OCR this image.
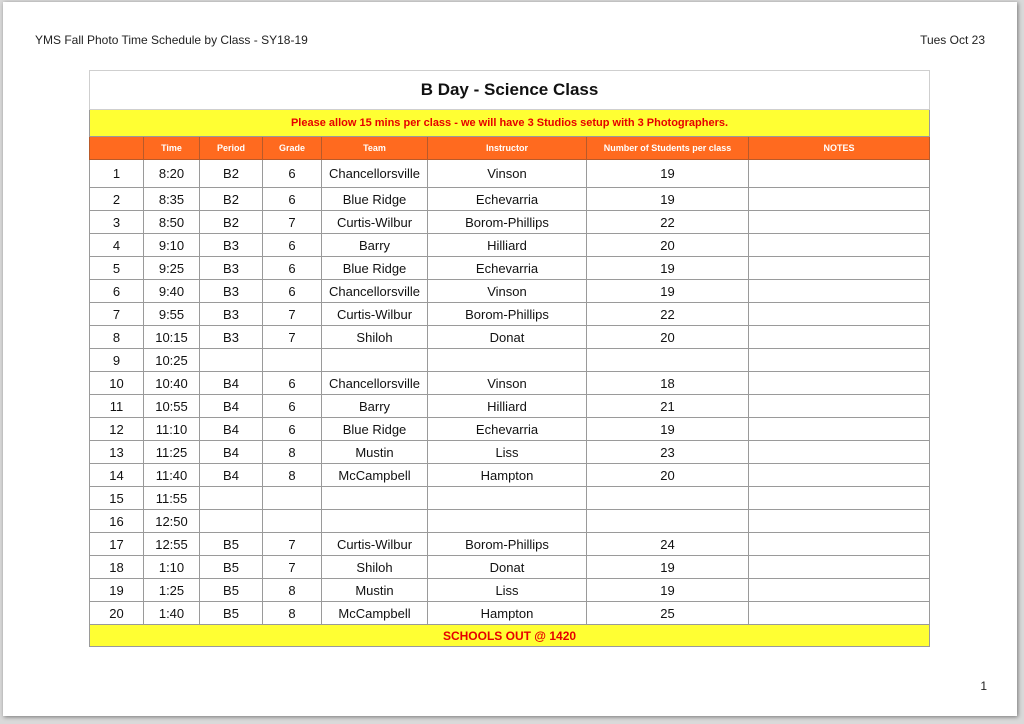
YMS Fall Photo Time Schedule by Class - SY18-19	Tues Oct 23
B Day - Science Class							
Please allow 15 mins per class - we will have 3 Studios setup with 3 Photographers.							
	Time	Period	Grade	Team	Instructor	Number of Students per class	NOTES
1	8:20	B2	6	Chancellorsville	Vinson	19	
2	8:35	B2	6	Blue Ridge	Echevarria	19	
3	8:50	B2	7	Curtis-Wilbur	Borom-Phillips	22	
4	9:10	B3	6	Barry	Hilliard	20	
5	9:25	B3	6	Blue Ridge	Echevarria	19	
6	9:40	B3	6	Chancellorsville	Vinson	19	
7	9:55	B3	7	Curtis-Wilbur	Borom-Phillips	22	
8	10:15	B3	7	Shiloh	Donat	20	
9	10:25						
10	10:40	B4	6	Chancellorsville	Vinson	18	
11	10:55	B4	6	Barry	Hilliard	21	
12	11:10	B4	6	Blue Ridge	Echevarria	19	
13	11:25	B4	8	Mustin	Liss	23	
14	11:40	B4	8	McCampbell	Hampton	20	
15	11:55						
16	12:50						
17	12:55	B5	7	Curtis-Wilbur	Borom-Phillips	24	
18	1:10	B5	7	Shiloh	Donat	19	
19	1:25	B5	8	Mustin	Liss	19	
20	1:40	B5	8	McCampbell	Hampton	25	
SCHOOLS OUT @ 1420							
1
